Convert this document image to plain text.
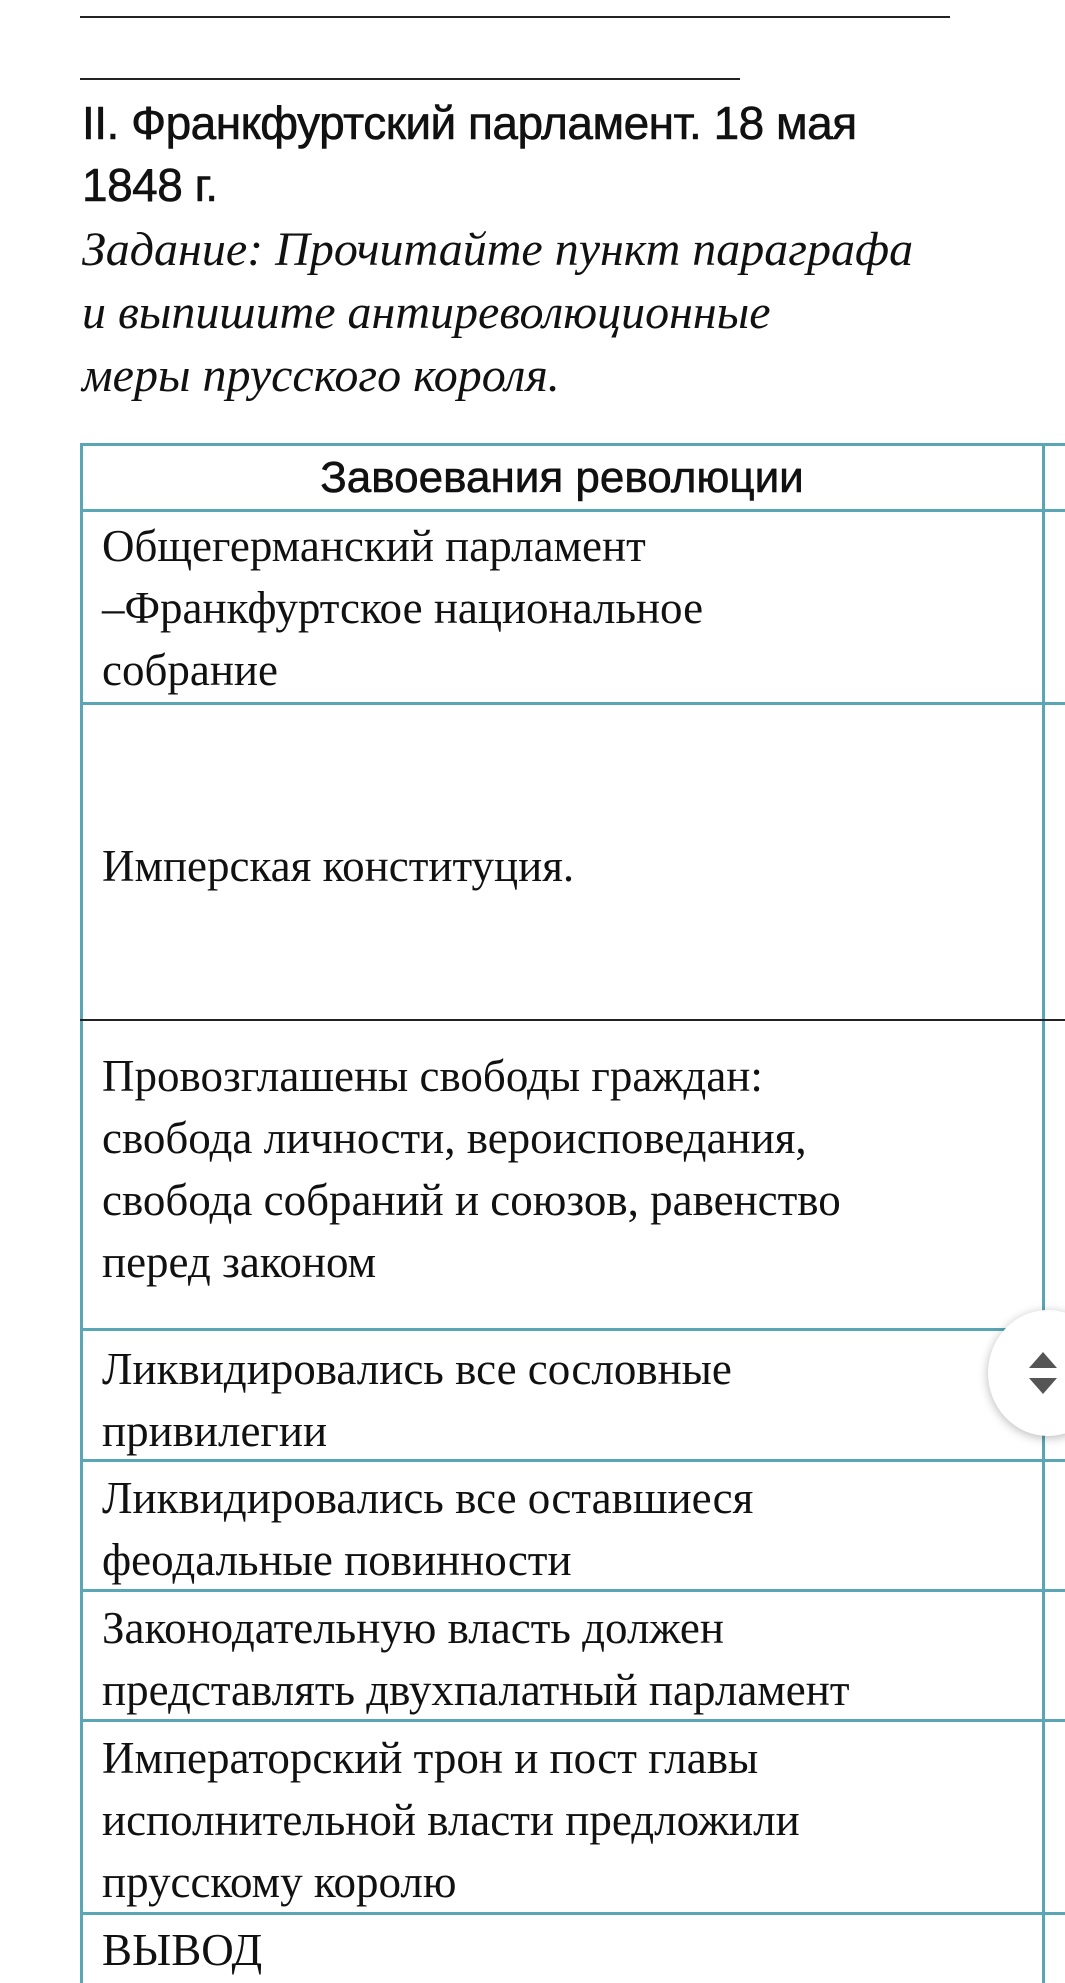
II. Франкфуртский парламент. 18 мая
1848 г.

Задание: Прочитайте пункт параграфа
и выпишите антиреволюционные
меры прусского короля.

Завоевания революции
Общегерманский парламент
–Франкфуртское национальное
собрание
Имперская конституция.
Провозглашены свободы граждан:
свобода личности, вероисповедания,
свобода собраний и союзов, равенство
перед законом
Ликвидировались все сословные
привилегии
Ликвидировались все оставшиеся
феодальные повинности
Законодательную власть должен
представлять двухпалатный парламент
Императорский трон и пост главы
исполнительной власти предложили
прусскому королю
ВЫВОД
